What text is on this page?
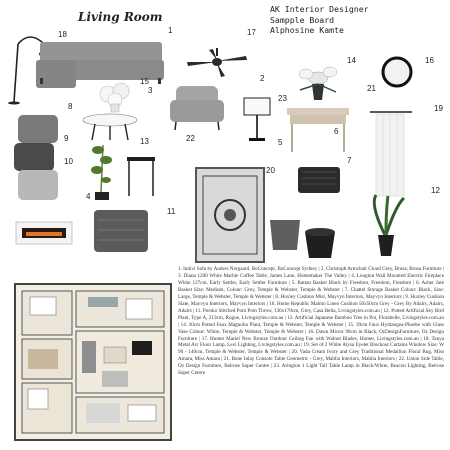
Living Room
AK Interior Designer
Sampple Board
Alphosine Kamte
18	1	17
2
14	16
21
19
15
3
23
8
9
10
22
13
4
5
6
7
20
12
11
1. Indivi Sofa by Anders Norgaard, BoConcept, BoConcept Sydney | 2. Christoph Armchair Cloud Grey, Brosa, Brosa Furniture | 3. Diana 1200 White Marble Coffee Table, James Lane, Homemaker The Valley | 4. Longton Wall Mounted Electric Fireplace White 127cm, Early Settler, Early Settler Furniture | 5. Rattan Basket Black by Freedom, Freedom, Freedom | 6. Asher Jute Basket Size: Medium, Colour: Grey, Temple & Webster, Temple & Webster | 7. Chattel Storage Basket Colour: Black, Size: Large, Temple & Webster, Temple & Webster | 8. Huxley Cushion Mist, Mayvyn Interiors, Mayvyn Interiors | 9. Huxley Cushion Slate, Mayvyn Interiors, Mayvyn Interiors | 10. Home Republic Malmo Linen Cushion 50x50cm Grey - Grey By Adairs, Adairs, Adairs | 11. Porsko Stitched Pom Pom Throw, 130x170cm, Grey, Casa Bella, Livingstyles.com.au | 12. Potted Artificial Sky Bird Plant, Type A, 213cm, Rogue, Livingstyles.com.au | 13. Artificial Japanese Bamboo Tree in Pot, Florabelle, Livingstyles.com.au | 14. 30cm Potted Faux Magnolia Plant, Temple & Webster, Temple & Webster | 15. 39cm Faux Hydrangea-Phoebe with Glass Vase Colour: White, Temple & Webster, Temple & Webster | 16. Dawn Mirror 90cm in Black, OzDesignFurniture, Oz Design Furniture | 17. Hunter Mariel New Bronze Outdoor Ceiling Fan with Walnut Blades, Hunter, Livingstyles.com.au | 18. Tanya Metal Arc Floor Lamp, Lexi Lighting, Livingstyles.com.au | 19. Set of 2 White Alysa Eyelet Blockout Curtains Window Size: W 90 - 140cm, Temple & Webster, Temple & Webster | 20. Vada Cream Ivory and Grey Traditional Medallion Floral Rug, Miss Amara, Miss Amara | 21. Bone Inlay Console Table Geometric - Grey, Mahlia Interiors, Mahlia Interiors | 22. Union Side Table, Oz Design Furniture, Belrose Super Centre | 23. Arington 1 Light Tall Table Lamp in Black/White, Beacon Lighting, Belrose Super Centre
